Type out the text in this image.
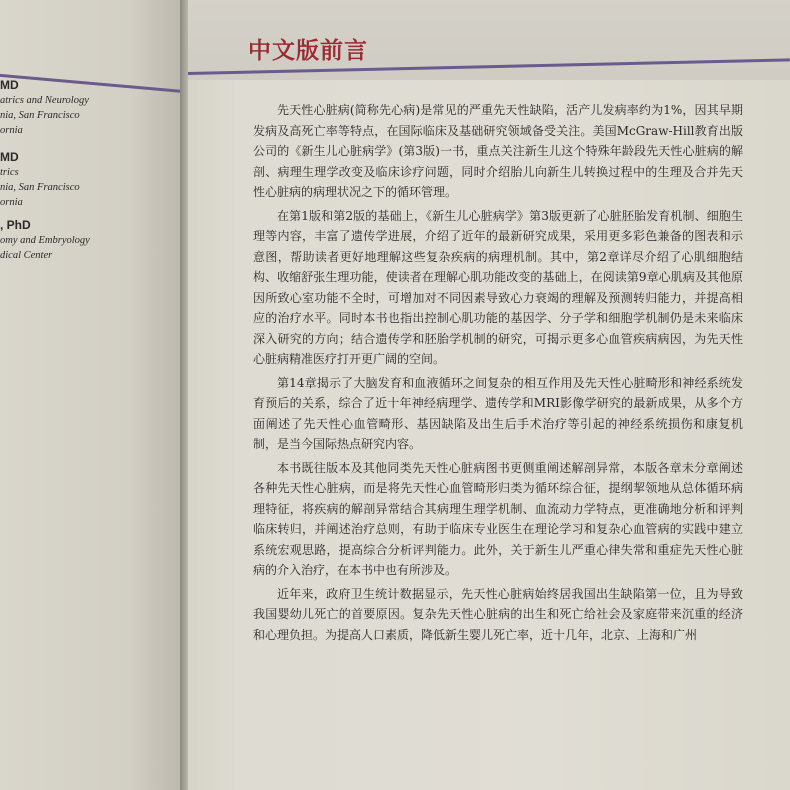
MD
atrics and Neurology
nia, San Francisco
ornia
MD
trics
nia, San Francisco
ornia
, PhD
omy and Embryology
dical Center
中文版前言

先天性心脏病(简称先心病)是常见的严重先天性缺陷，活产儿发病率约为1%，因其早期发病及高死亡率等特点，在国际临床及基础研究领域备受关注。美国McGraw-Hill教育出版公司的《新生儿心脏病学》(第3版)一书，重点关注新生儿这个特殊年龄段先天性心脏病的解剖、病理生理学改变及临床诊疗问题，同时介绍胎儿向新生儿转换过程中的生理及合并先天性心脏病的病理状况之下的循环管理。

在第1版和第2版的基础上，《新生儿心脏病学》第3版更新了心脏胚胎发育机制、细胞生理等内容，丰富了遗传学进展，介绍了近年的最新研究成果，采用更多彩色兼备的图表和示意图，帮助读者更好地理解这些复杂疾病的病理机制。其中，第2章详尽介绍了心肌细胞结构、收缩舒张生理功能，使读者在理解心肌功能改变的基础上，在阅读第9章心肌病及其他原因所致心室功能不全时，可增加对不同因素导致心力衰竭的理解及预测转归能力，并提高相应的治疗水平。同时本书也指出控制心肌功能的基因学、分子学和细胞学机制仍是未来临床深入研究的方向；结合遗传学和胚胎学机制的研究，可揭示更多心血管疾病病因，为先天性心脏病精准医疗打开更广阔的空间。

第14章揭示了大脑发育和血液循环之间复杂的相互作用及先天性心脏畸形和神经系统发育预后的关系，综合了近十年神经病理学、遗传学和MRI影像学研究的最新成果，从多个方面阐述了先天性心血管畸形、基因缺陷及出生后手术治疗等引起的神经系统损伤和康复机制，是当今国际热点研究内容。

本书既往版本及其他同类先天性心脏病图书更侧重阐述解剖异常，本版各章未分章阐述各种先天性心脏病，而是将先天性心血管畸形归类为循环综合征，提纲挈领地从总体循环病理特征，将疾病的解剖异常结合其病理生理学机制、血流动力学特点，更准确地分析和评判临床转归，并阐述治疗总则，有助于临床专业医生在理论学习和复杂心血管病的实践中建立系统宏观思路，提高综合分析评判能力。此外，关于新生儿严重心律失常和重症先天性心脏病的介入治疗，在本书中也有所涉及。

近年来，政府卫生统计数据显示，先天性心脏病始终居我国出生缺陷第一位，且为导致我国婴幼儿死亡的首要原因。复杂先天性心脏病的出生和死亡给社会及家庭带来沉重的经济和心理负担。为提高人口素质，降低新生婴儿死亡率，近十几年，北京、上海和广州
